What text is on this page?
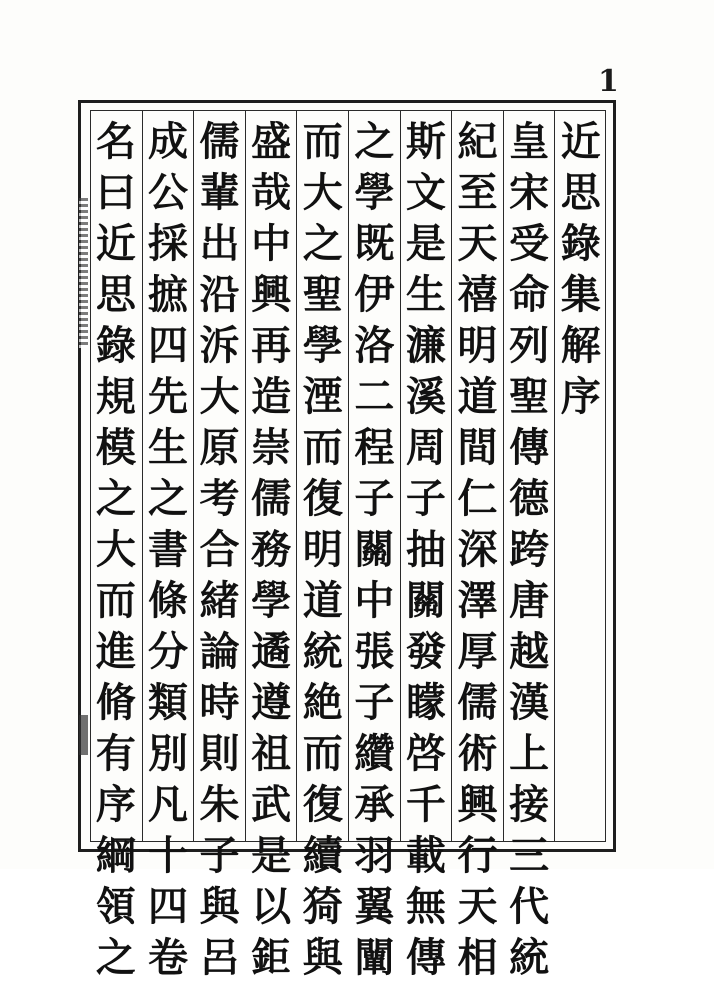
1
近
思
錄
集
解
序
皇
宋
受
命
列
聖
傳
德
跨
唐
越
漢
上
接
三
代
統
紀
至
天
禧
明
道
間
仁
深
澤
厚
儒
術
興
行
天
相
斯
文
是
生
濂
溪
周
子
抽
關
發
矇
啓
千
載
無
傳
之
學
既
伊
洛
二
程
子
關
中
張
子
纘
承
羽
翼
闡
而
大
之
聖
學
湮
而
復
明
道
統
絶
而
復
續
猗
與
盛
哉
中
興
再
造
崇
儒
務
學
遹
遵
祖
武
是
以
鉅
儒
輩
出
沿
泝
大
原
考
合
緒
論
時
則
朱
子
與
呂
成
公
採
摭
四
先
生
之
書
條
分
類
別
凡
十
四
卷
名
曰
近
思
錄
規
模
之
大
而
進
脩
有
序
綱
領
之
